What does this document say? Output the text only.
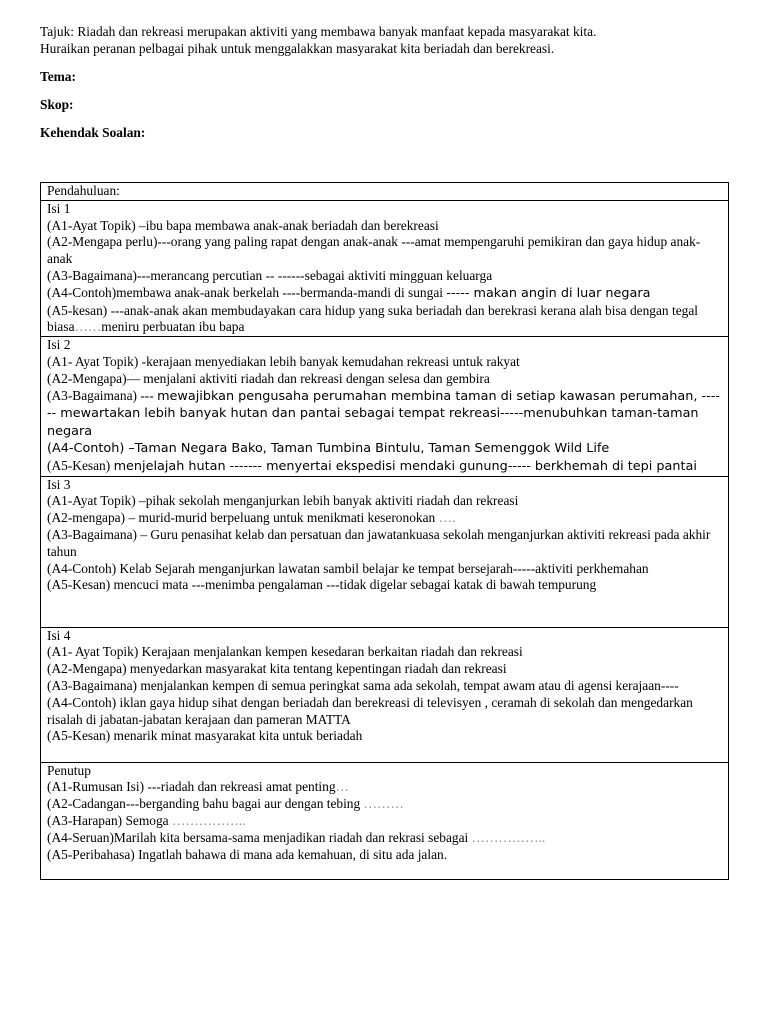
Tajuk: Riadah dan rekreasi merupakan aktiviti yang membawa banyak manfaat kepada masyarakat kita.
Huraikan peranan pelbagai pihak untuk menggalakkan masyarakat kita beriadah dan berekreasi.
Tema:
Skop:
Kehendak Soalan:
Pendahuluan:

Isi 1
(A1-Ayat Topik) –ibu bapa membawa anak-anak beriadah dan berekreasi
(A2-Mengapa perlu)---orang yang paling rapat dengan anak-anak ---amat mempengaruhi pemikiran dan gaya hidup anak-anak
(A3-Bagaimana)---merancang percutian -- ------sebagai aktiviti mingguan keluarga
(A4-Contoh)membawa anak-anak berkelah ----bermanda-mandi di sungai ----- makan angin di luar negara
(A5-kesan) ---anak-anak akan membudayakan cara hidup yang suka beriadah dan berekrasi kerana alah bisa dengan tegal biasa……meniru perbuatan ibu bapa

Isi 2
(A1- Ayat Topik) -kerajaan menyediakan lebih banyak kemudahan rekreasi untuk rakyat
(A2-Mengapa)— menjalani aktiviti riadah dan rekreasi dengan selesa dan gembira
(A3-Bagaimana) --- mewajibkan pengusaha perumahan membina taman di setiap kawasan perumahan, ------ mewartakan lebih banyak hutan dan pantai sebagai tempat rekreasi-----menubuhkan taman-taman negara
(A4-Contoh) –Taman Negara Bako, Taman Tumbina Bintulu, Taman Semenggok Wild Life
(A5-Kesan) menjelajah hutan ------- menyertai ekspedisi mendaki gunung----- berkhemah di tepi pantai

Isi 3
(A1-Ayat Topik) –pihak sekolah menganjurkan lebih banyak aktiviti riadah dan rekreasi
(A2-mengapa) – murid-murid berpeluang untuk menikmati keseronokan ….
(A3-Bagaimana) – Guru penasihat kelab dan persatuan dan jawatankuasa sekolah menganjurkan aktiviti rekreasi pada akhir tahun
(A4-Contoh) Kelab Sejarah menganjurkan lawatan sambil belajar ke tempat bersejarah-----aktiviti perkhemahan
(A5-Kesan) mencuci mata ---menimba pengalaman ---tidak digelar sebagai katak di bawah tempurung

Isi 4
(A1- Ayat Topik) Kerajaan menjalankan kempen kesedaran berkaitan riadah dan rekreasi
(A2-Mengapa) menyedarkan masyarakat kita tentang kepentingan riadah dan rekreasi
(A3-Bagaimana) menjalankan kempen di semua peringkat sama ada sekolah, tempat awam atau di agensi kerajaan----
(A4-Contoh) iklan gaya hidup sihat dengan beriadah dan berekreasi di televisyen , ceramah di sekolah dan mengedarkan risalah di jabatan-jabatan kerajaan dan pameran MATTA
(A5-Kesan) menarik minat masyarakat kita untuk beriadah

Penutup
(A1-Rumusan Isi) ---riadah dan rekreasi amat penting…
(A2-Cadangan---berganding bahu bagai aur dengan tebing ………
(A3-Harapan) Semoga ……………..
(A4-Seruan)Marilah kita bersama-sama menjadikan riadah dan rekrasi sebagai ……………..
(A5-Peribahasa) Ingatlah bahawa di mana ada kemahuan, di situ ada jalan.
